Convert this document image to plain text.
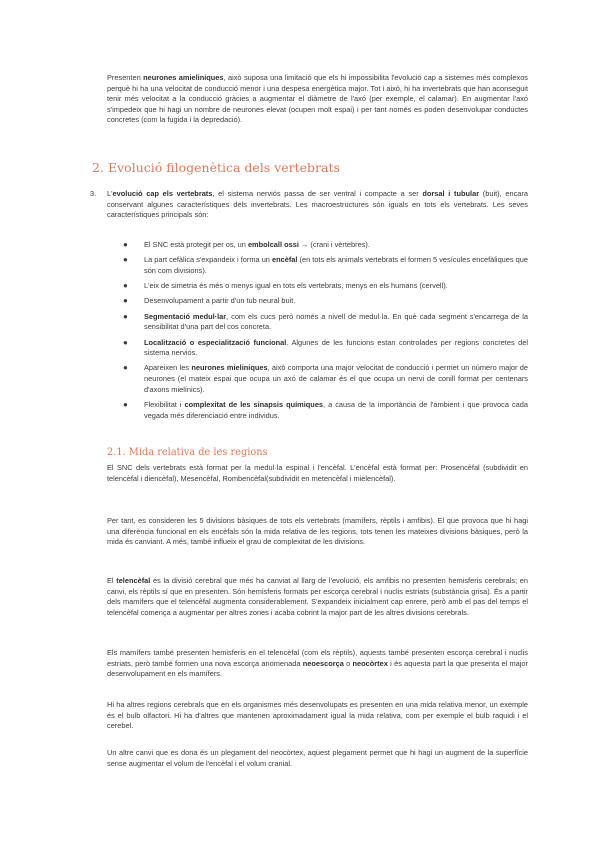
Presenten neurones amieliniques, això suposa una limitació que els hi impossibilita l'evolució cap a sistemes més complexos perquè hi ha una velocitat de conducció menor i una despesa energètica major. Tot i això, hi ha invertebrats que han aconseguit tenir més velocitat a la conducció gràcies a augmentar el diàmetre de l'axó (per exemple, el calamar). En augmentar l'axó s'impedeix que hi hagi un nombre de neurones elevat (ocupen molt espai) i per tant només es poden desenvolupar conductes concretes (com la fugida i la depredació).

2. Evolució filogenètica dels vertebrats
3. L'evolució cap els vertebrats, el sistema nerviós passa de ser ventral i compacte a ser dorsal i tubular (buit), encara conservant algunes característiques dels invertebrats. Les macroestructures són iguals en tots els vertebrats. Les seves característiques principals són:

● El SNC està protegit per os, un embolcall ossi → (crani i vèrtebres).
● La part cefàlica s'expandeix i forma un encèfal (en tots els animals vertebrats el formen 5 vesícules encefàliques que són com divisions).
● L'eix de simetria és més o menys igual en tots els vertebrats, menys en els humans (cervell).
● Desenvolupament a partir d'un tub neural buit.
● Segmentació medul·lar, com els cucs però només a nivell de medul·la. En què cada segment s'encarrega de la sensibilitat d'una part del cos concreta.
● Localització o especialització funcional. Algunes de les funcions estan controlades per regions concretes del sistema nerviós.
● Apareixen les neurones mieliniques, això comporta una major velocitat de conducció i permet un número major de neurones (el mateix espai que ocupa un axó de calamar és el que ocupa un nervi de conill format per centenars d'axons mielínics).
● Flexibilitat i complexitat de les sinapsis químiques, a causa de la importància de l'ambient i que provoca cada vegada més diferenciació entre individus.
2.1. Mida relativa de les regions

El SNC dels vertebrats està format per la medul·la espinal i l'encèfal. L'encèfal està format per: Prosencèfal (subdividit en telencèfal i diencèfal), Mesencèfal, Rombencèfal(subdividit en metencèfal i mielencèfal).

Per tant, es consideren les 5 divisions bàsiques de tots els vertebrats (mamífers, rèptils i amfibis). El que provoca que hi hagi una diferència funcional en els encèfals són la mida relativa de les regions, tots tenen les mateixes divisions bàsiques, però la mida és canviant. A més, també influeix el grau de complexitat de les divisions.

El telencèfal és la divisió cerebral que més ha canviat al llarg de l'evolució, els amfibis no presenten hemisferis cerebrals; en canvi, els rèptils sí que en presenten. Són hemisferis formats per escorça cerebral i nuclis estriats (substància grisa). És a partir dels mamífers que el telencèfal augmenta considerablement. S'expandeix inicialment cap enrere, però amb el pas del temps el telencèfal comença a augmentar per altres zones i acaba cobrint la major part de les altres divisions cerebrals.

Els mamífers també presenten hemisferis en el telencèfal (com els rèptils), aquests també presenten escorça cerebral i nuclis estriats, però també formen una nova escorça anomenada neoescorça o neocòrtex i és aquesta part la que presenta el major desenvolupament en els mamífers.

Hi ha altres regions cerebrals que en els organismes més desenvolupats es presenten en una mida relativa menor, un exemple és el bulb olfactori. Hi ha d'altres que mantenen aproximadament igual la mida relativa, com per exemple el bulb raquidi i el cerebel.

Un altre canvi que es dona és un plegament del neocòrtex, aquest plegament permet que hi hagi un augment de la superfície sense augmentar el volum de l'encèfal i el volum cranial.
